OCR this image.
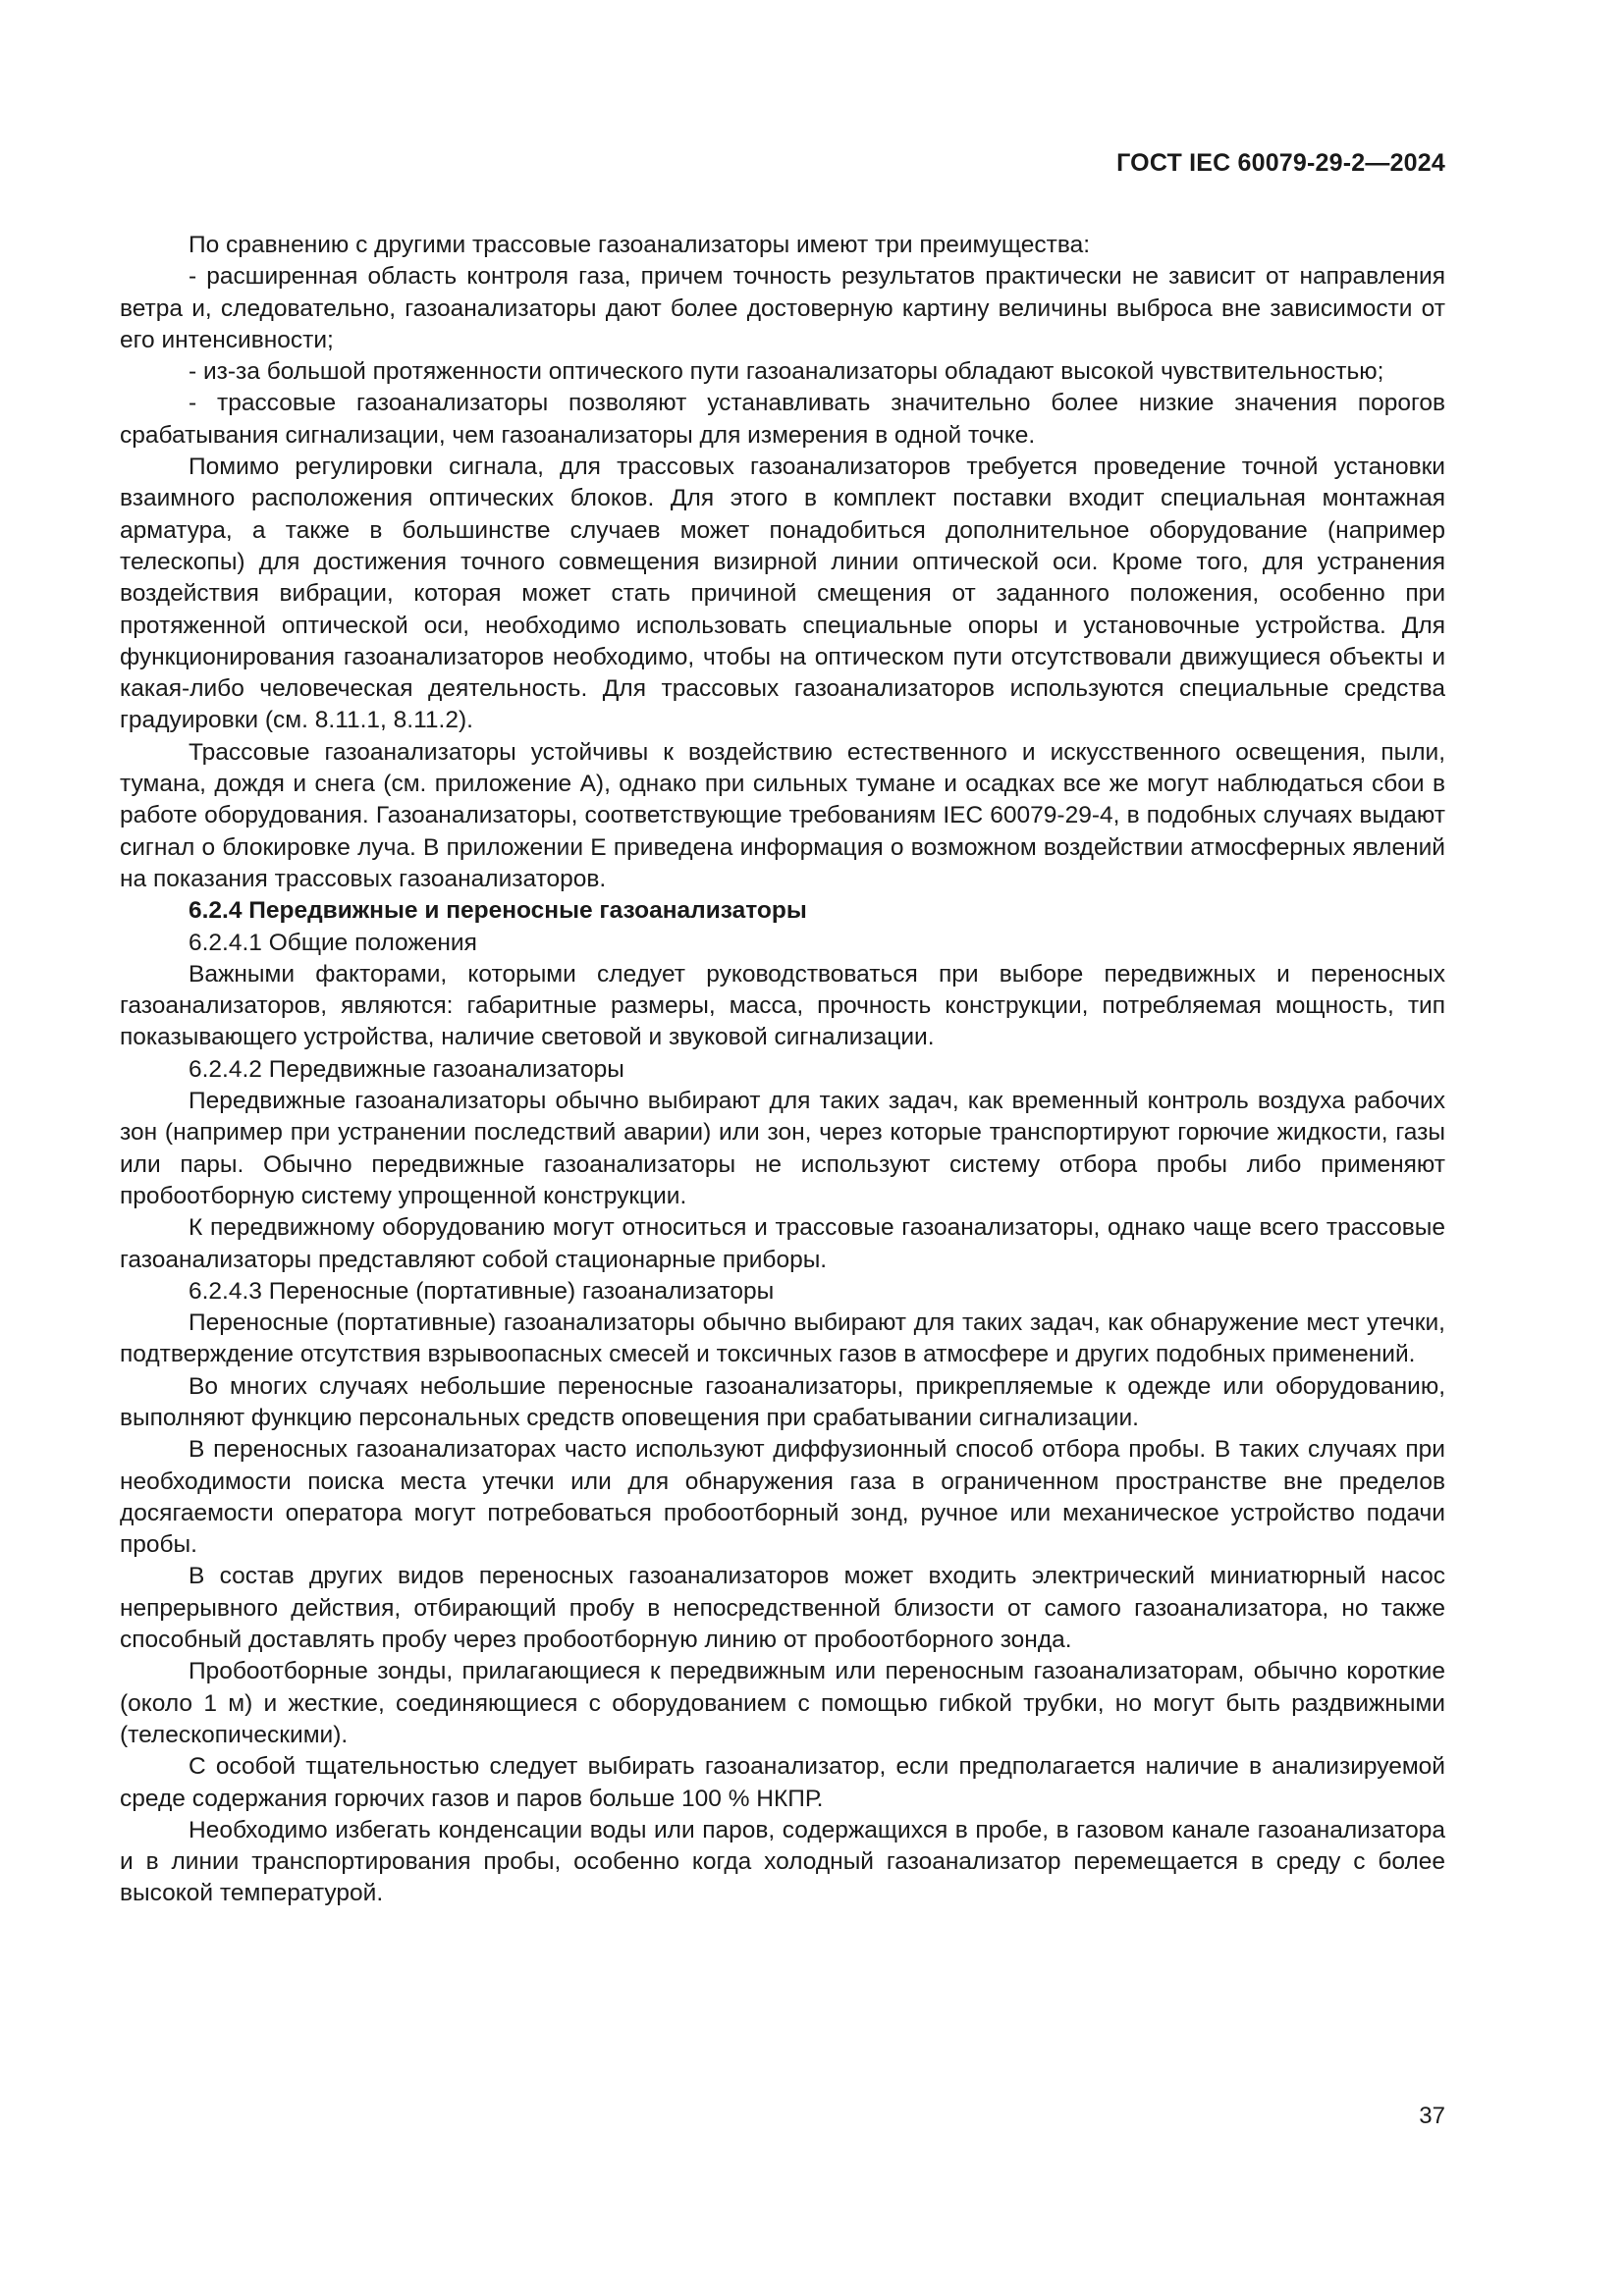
ГОСТ IEC 60079-29-2—2024

По сравнению с другими трассовые газоанализаторы имеют три преимущества:

- расширенная область контроля газа, причем точность результатов практически не зависит от направления ветра и, следовательно, газоанализаторы дают более достоверную картину величины выброса вне зависимости от его интенсивности;

- из-за большой протяженности оптического пути газоанализаторы обладают высокой чувствительностью;

- трассовые газоанализаторы позволяют устанавливать значительно более низкие значения порогов срабатывания сигнализации, чем газоанализаторы для измерения в одной точке.

Помимо регулировки сигнала, для трассовых газоанализаторов требуется проведение точной установки взаимного расположения оптических блоков. Для этого в комплект поставки входит специальная монтажная арматура, а также в большинстве случаев может понадобиться дополнительное оборудование (например телескопы) для достижения точного совмещения визирной линии оптической оси. Кроме того, для устранения воздействия вибрации, которая может стать причиной смещения от заданного положения, особенно при протяженной оптической оси, необходимо использовать специальные опоры и установочные устройства. Для функционирования газоанализаторов необходимо, чтобы на оптическом пути отсутствовали движущиеся объекты и какая-либо человеческая деятельность. Для трассовых газоанализаторов используются специальные средства градуировки (см. 8.11.1, 8.11.2).

Трассовые газоанализаторы устойчивы к воздействию естественного и искусственного освещения, пыли, тумана, дождя и снега (см. приложение А), однако при сильных тумане и осадках все же могут наблюдаться сбои в работе оборудования. Газоанализаторы, соответствующие требованиям IEC 60079-29-4, в подобных случаях выдают сигнал о блокировке луча. В приложении Е приведена информация о возможном воздействии атмосферных явлений на показания трассовых газоанализаторов.

6.2.4 Передвижные и переносные газоанализаторы

6.2.4.1 Общие положения

Важными факторами, которыми следует руководствоваться при выборе передвижных и переносных газоанализаторов, являются: габаритные размеры, масса, прочность конструкции, потребляемая мощность, тип показывающего устройства, наличие световой и звуковой сигнализации.

6.2.4.2 Передвижные газоанализаторы

Передвижные газоанализаторы обычно выбирают для таких задач, как временный контроль воздуха рабочих зон (например при устранении последствий аварии) или зон, через которые транспортируют горючие жидкости, газы или пары. Обычно передвижные газоанализаторы не используют систему отбора пробы либо применяют пробоотборную систему упрощенной конструкции.

К передвижному оборудованию могут относиться и трассовые газоанализаторы, однако чаще всего трассовые газоанализаторы представляют собой стационарные приборы.

6.2.4.3 Переносные (портативные) газоанализаторы

Переносные (портативные) газоанализаторы обычно выбирают для таких задач, как обнаружение мест утечки, подтверждение отсутствия взрывоопасных смесей и токсичных газов в атмосфере и других подобных применений.

Во многих случаях небольшие переносные газоанализаторы, прикрепляемые к одежде или оборудованию, выполняют функцию персональных средств оповещения при срабатывании сигнализации.

В переносных газоанализаторах часто используют диффузионный способ отбора пробы. В таких случаях при необходимости поиска места утечки или для обнаружения газа в ограниченном пространстве вне пределов досягаемости оператора могут потребоваться пробоотборный зонд, ручное или механическое устройство подачи пробы.

В состав других видов переносных газоанализаторов может входить электрический миниатюрный насос непрерывного действия, отбирающий пробу в непосредственной близости от самого газоанализатора, но также способный доставлять пробу через пробоотборную линию от пробоотборного зонда.

Пробоотборные зонды, прилагающиеся к передвижным или переносным газоанализаторам, обычно короткие (около 1 м) и жесткие, соединяющиеся с оборудованием с помощью гибкой трубки, но могут быть раздвижными (телескопическими).

С особой тщательностью следует выбирать газоанализатор, если предполагается наличие в анализируемой среде содержания горючих газов и паров больше 100 % НКПР.

Необходимо избегать конденсации воды или паров, содержащихся в пробе, в газовом канале газоанализатора и в линии транспортирования пробы, особенно когда холодный газоанализатор перемещается в среду с более высокой температурой.

37
